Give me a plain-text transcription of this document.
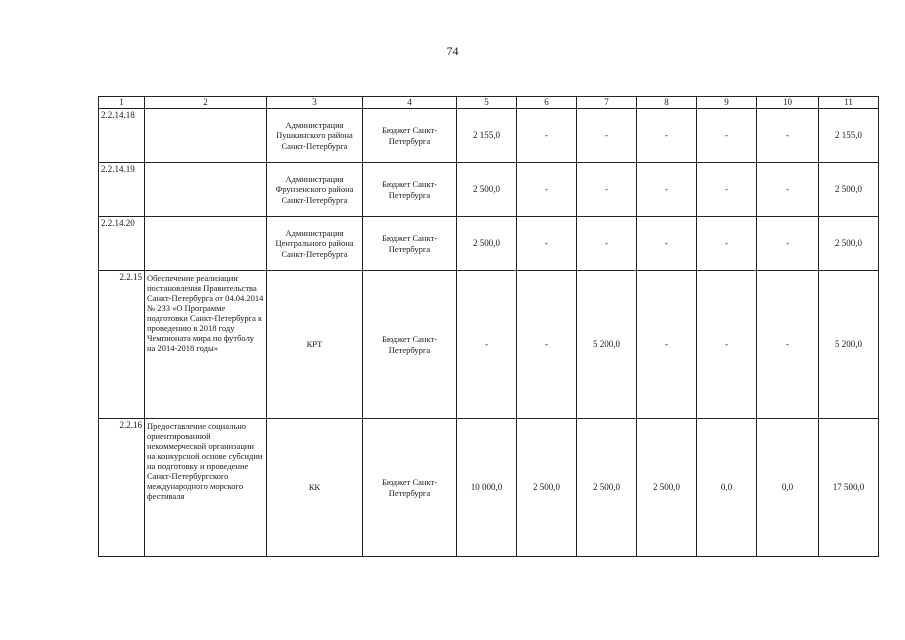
74
1	2	3	4	5	6	7	8	9	10	11
2.2.14.18		Администрация Пушкинского района Санкт-Петербурга	Бюджет Санкт-Петербурга	2 155,0	-	-	-	-	-	2 155,0
2.2.14.19		Администрация Фрунзенского района Санкт-Петербурга	Бюджет Санкт-Петербурга	2 500,0	-	-	-	-	-	2 500,0
2.2.14.20		Администрация Центрального района Санкт-Петербурга	Бюджет Санкт-Петербурга	2 500,0	-	-	-	-	-	2 500,0
2.2.15	Обеспечение реализации постановления Правительства Санкт-Петербурга от 04.04.2014 № 233 «О Программе подготовки Санкт-Петербурга к проведению в 2018 году Чемпионата мира по футболу на 2014-2018 годы»	КРТ	Бюджет Санкт-Петербурга	-	-	5 200,0	-	-	-	5 200,0
2.2.16	Предоставление социально ориентированной некоммерческой организации на конкурсной основе субсидии на подготовку и проведение Санкт-Петербургского международного морского фестиваля	КК	Бюджет Санкт-Петербурга	10 000,0	2 500,0	2 500,0	2 500,0	0,0	0,0	17 500,0
